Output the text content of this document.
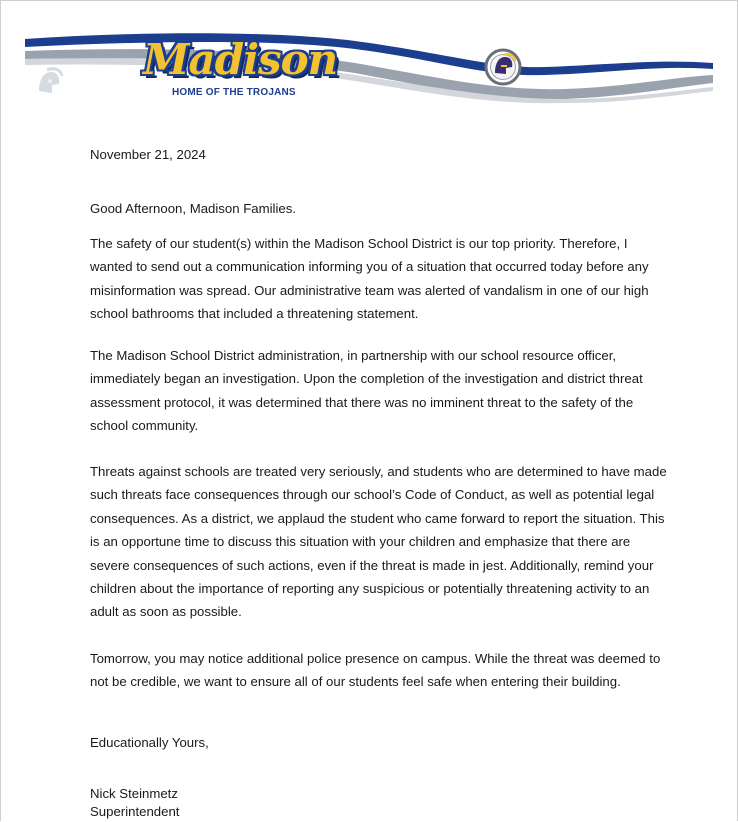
Madison
HOME OF THE TROJANS

November 21, 2024

Good Afternoon, Madison Families.

The safety of our student(s) within the Madison School District is our top priority. Therefore, I wanted to send out a communication informing you of a situation that occurred today before any misinformation was spread. Our administrative team was alerted of vandalism in one of our high school bathrooms that included a threatening statement.

The Madison School District administration, in partnership with our school resource officer, immediately began an investigation. Upon the completion of the investigation and district threat assessment protocol, it was determined that there was no imminent threat to the safety of the school community.

Threats against schools are treated very seriously, and students who are determined to have made such threats face consequences through our school’s Code of Conduct, as well as potential legal consequences. As a district, we applaud the student who came forward to report the situation. This is an opportune time to discuss this situation with your children and emphasize that there are severe consequences of such actions, even if the threat is made in jest. Additionally, remind your children about the importance of reporting any suspicious or potentially threatening activity to an adult as soon as possible.

Tomorrow, you may notice additional police presence on campus. While the threat was deemed to not be credible, we want to ensure all of our students feel safe when entering their building.

Educationally Yours,

Nick Steinmetz

Superintendent
